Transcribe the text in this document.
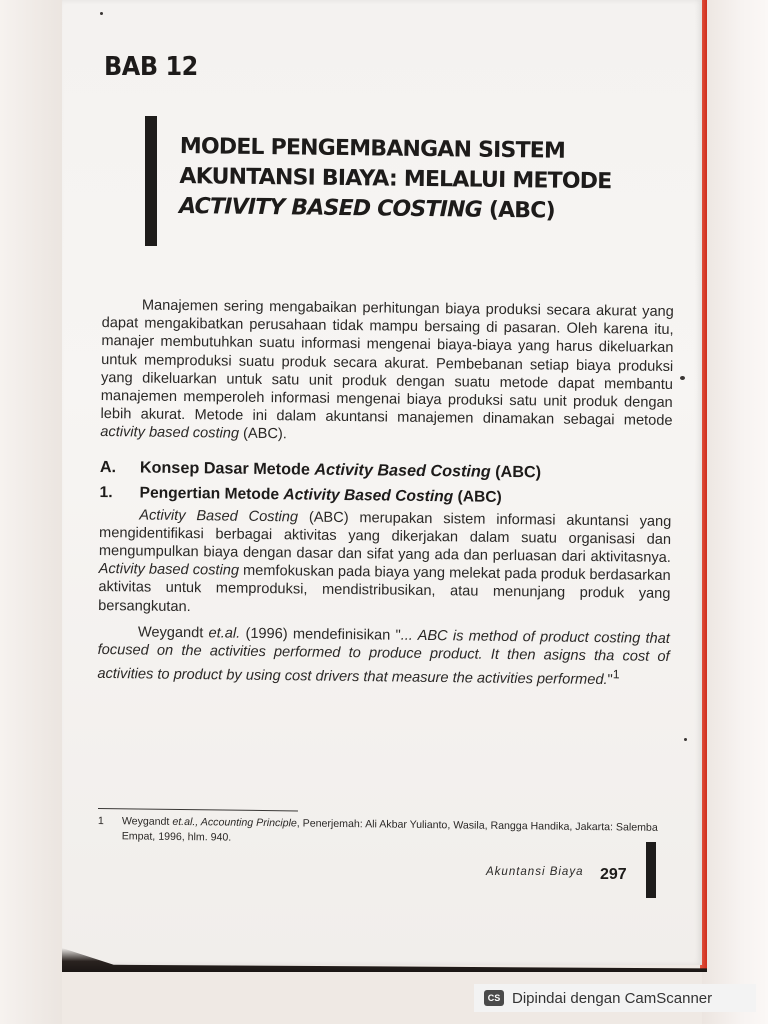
BAB 12
MODEL PENGEMBANGAN SISTEM
AKUNTANSI BIAYA: MELALUI METODE
ACTIVITY BASED COSTING (ABC)

Manajemen sering mengabaikan perhitungan biaya produksi secara akurat yang dapat mengakibatkan perusahaan tidak mampu bersaing di pasaran. Oleh karena itu, manajer membutuhkan suatu informasi mengenai biaya-biaya yang harus dikeluarkan untuk memproduksi suatu produk secara akurat. Pembebanan setiap biaya produksi yang dikeluarkan untuk satu unit produk dengan suatu metode dapat membantu manajemen memperoleh informasi mengenai biaya produksi satu unit produk dengan lebih akurat. Metode ini dalam akuntansi manajemen dinamakan sebagai metode activity based costing (ABC).

A.	Konsep Dasar Metode Activity Based Costing (ABC)

1.	Pengertian Metode Activity Based Costing (ABC)

Activity Based Costing (ABC) merupakan sistem informasi akuntansi yang mengidentifikasi berbagai aktivitas yang dikerjakan dalam suatu organisasi dan mengumpulkan biaya dengan dasar dan sifat yang ada dan perluasan dari aktivitasnya. Activity based costing memfokuskan pada biaya yang melekat pada produk berdasarkan aktivitas untuk memproduksi, mendistribusikan, atau menunjang produk yang bersangkutan.

Weygandt et.al. (1996) mendefinisikan "... ABC is method of product costing that focused on the activities performed to produce product. It then asigns tha cost of activities to product by using cost drivers that measure the activities performed."$^1$

1	Weygandt et.al., Accounting Principle, Penerjemah: Ali Akbar Yulianto, Wasila, Rangga Handika, Jakarta: Salemba Empat, 1996, hlm. 940.
Akuntansi Biaya 297
CS Dipindai dengan CamScanner
